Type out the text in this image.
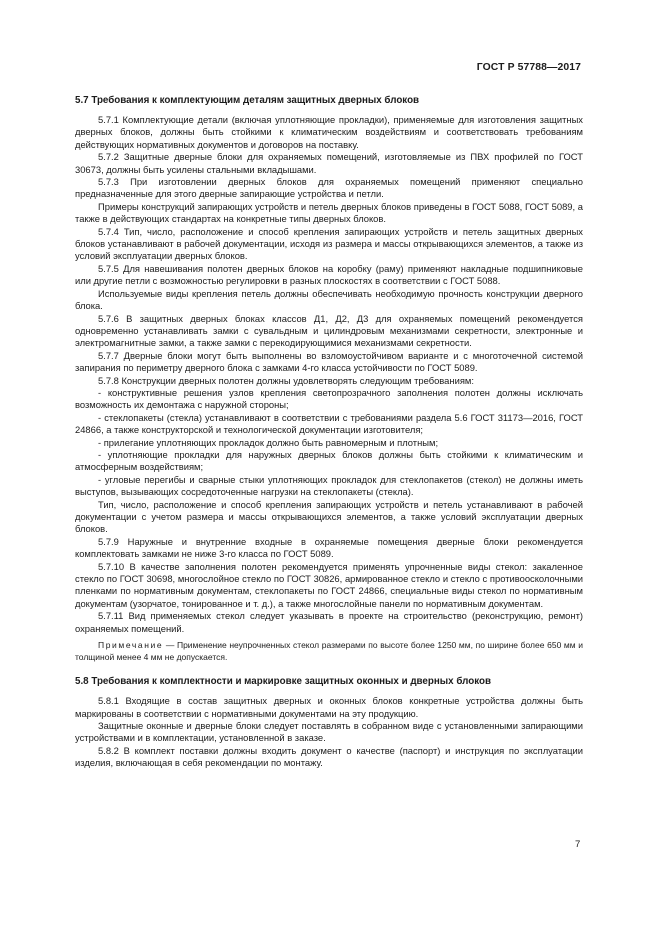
ГОСТ Р 57788—2017
5.7 Требования к комплектующим деталям защитных дверных блоков

5.7.1 Комплектующие детали (включая уплотняющие прокладки), применяемые для изготовления защитных дверных блоков, должны быть стойкими к климатическим воздействиям и соответствовать требованиям действующих нормативных документов и договоров на поставку.

5.7.2 Защитные дверные блоки для охраняемых помещений, изготовляемые из ПВХ профилей по ГОСТ 30673, должны быть усилены стальными вкладышами.

5.7.3 При изготовлении дверных блоков для охраняемых помещений применяют специально предназначенные для этого дверные запирающие устройства и петли.

Примеры конструкций запирающих устройств и петель дверных блоков приведены в ГОСТ 5088, ГОСТ 5089, а также в действующих стандартах на конкретные типы дверных блоков.

5.7.4 Тип, число, расположение и способ крепления запирающих устройств и петель защитных дверных блоков устанавливают в рабочей документации, исходя из размера и массы открывающихся элементов, а также из условий эксплуатации дверных блоков.

5.7.5 Для навешивания полотен дверных блоков на коробку (раму) применяют накладные подшипниковые или другие петли с возможностью регулировки в разных плоскостях в соответствии с ГОСТ 5088.

Используемые виды крепления петель должны обеспечивать необходимую прочность конструкции дверного блока.

5.7.6 В защитных дверных блоках классов Д1, Д2, Д3 для охраняемых помещений рекомендуется одновременно устанавливать замки с сувальдным и цилиндровым механизмами секретности, электронные и электромагнитные замки, а также замки с перекодирующимися механизмами секретности.

5.7.7 Дверные блоки могут быть выполнены во взломоустойчивом варианте и с многоточечной системой запирания по периметру дверного блока с замками 4-го класса устойчивости по ГОСТ 5089.

5.7.8 Конструкции дверных полотен должны удовлетворять следующим требованиям:

- конструктивные решения узлов крепления светопрозрачного заполнения полотен должны исключать возможность их демонтажа с наружной стороны;

- стеклопакеты (стекла) устанавливают в соответствии с требованиями раздела 5.6 ГОСТ 31173—2016, ГОСТ 24866, а также конструкторской и технологической документации изготовителя;

- прилегание уплотняющих прокладок должно быть равномерным и плотным;

- уплотняющие прокладки для наружных дверных блоков должны быть стойкими к климатическим и атмосферным воздействиям;

- угловые перегибы и сварные стыки уплотняющих прокладок для стеклопакетов (стекол) не должны иметь выступов, вызывающих сосредоточенные нагрузки на стеклопакеты (стекла).

Тип, число, расположение и способ крепления запирающих устройств и петель устанавливают в рабочей документации с учетом размера и массы открывающихся элементов, а также условий эксплуатации дверных блоков.

5.7.9 Наружные и внутренние входные в охраняемые помещения дверные блоки рекомендуется комплектовать замками не ниже 3-го класса по ГОСТ 5089.

5.7.10 В качестве заполнения полотен рекомендуется применять упрочненные виды стекол: закаленное стекло по ГОСТ 30698, многослойное стекло по ГОСТ 30826, армированное стекло и стекло с противоосколочными пленками по нормативным документам, стеклопакеты по ГОСТ 24866, специальные виды стекол по нормативным документам (узорчатое, тонированное и т. д.), а также многослойные панели по нормативным документам.

5.7.11 Вид применяемых стекол следует указывать в проекте на строительство (реконструкцию, ремонт) охраняемых помещений.

Примечание — Применение неупрочненных стекол размерами по высоте более 1250 мм, по ширине более 650 мм и толщиной менее 4 мм не допускается.

5.8 Требования к комплектности и маркировке защитных оконных и дверных блоков

5.8.1 Входящие в состав защитных дверных и оконных блоков конкретные устройства должны быть маркированы в соответствии с нормативными документами на эту продукцию.

Защитные оконные и дверные блоки следует поставлять в собранном виде с установленными запирающими устройствами и в комплектации, установленной в заказе.

5.8.2 В комплект поставки должны входить документ о качестве (паспорт) и инструкция по эксплуатации изделия, включающая в себя рекомендации по монтажу.

7
